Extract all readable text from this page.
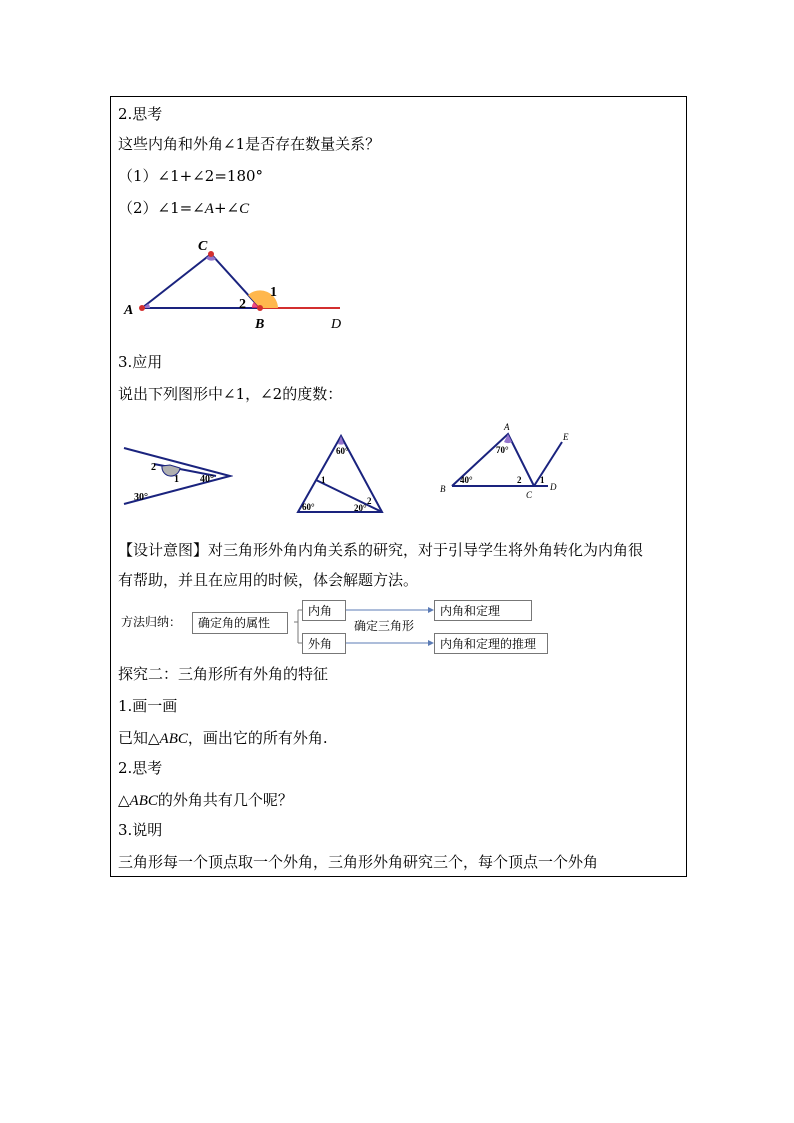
2.思考
这些内角和外角∠1是否存在数量关系？
（1）∠1+∠2=180°
（2）∠1=∠A+∠C
C
A
B	D
1
2
3.应用
说出下列图形中∠1，∠2的度数：
2
1 40°
30°
60°
1
2
60°	20°
A
E
B
C
D
70°
40°	2 1
【设计意图】对三角形外角内角关系的研究，对于引导学生将外角转化为内角很
有帮助，并且在应用的时候，体会解题方法。
方法归纳：	确定角的属性
内角
外角
确定三角形
内角和定理
内角和定理的推理
探究二：三角形所有外角的特征
1.画一画
已知△ABC，画出它的所有外角.
2.思考
△ABC的外角共有几个呢？
3.说明
三角形每一个顶点取一个外角，三角形外角研究三个，每个顶点一个外角
